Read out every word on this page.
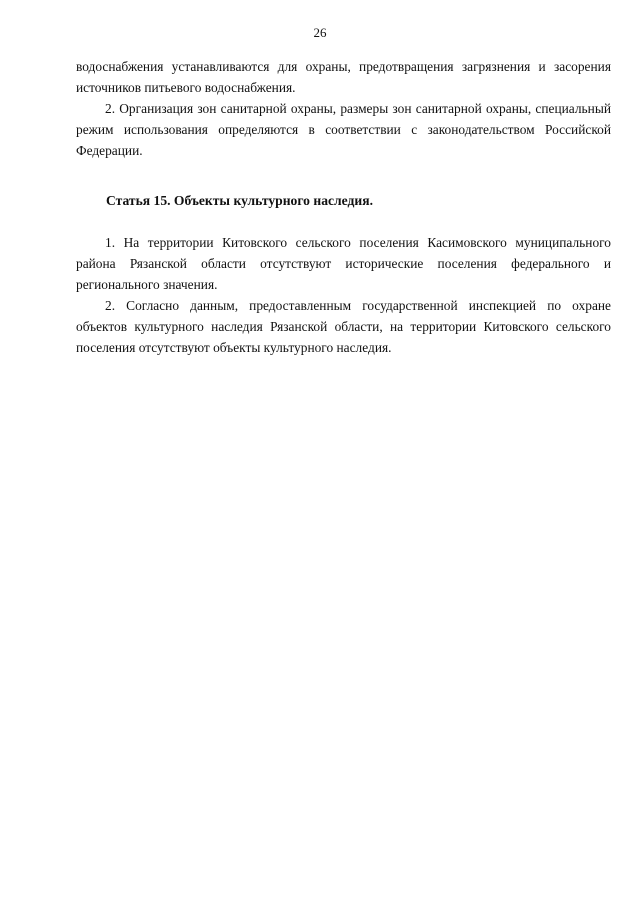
26

водоснабжения устанавливаются для охраны, предотвращения загрязнения и засорения источников питьевого водоснабжения.

2. Организация зон санитарной охраны, размеры зон санитарной охраны, специальный режим использования определяются в соответствии с законодательством Российской Федерации.

Статья 15. Объекты культурного наследия.

1. На территории Китовского сельского поселения Касимовского муниципального района Рязанской области отсутствуют исторические поселения федерального и регионального значения.

2. Согласно данным, предоставленным государственной инспекцией по охране объектов культурного наследия Рязанской области, на территории Китовского сельского поселения отсутствуют объекты культурного наследия.
